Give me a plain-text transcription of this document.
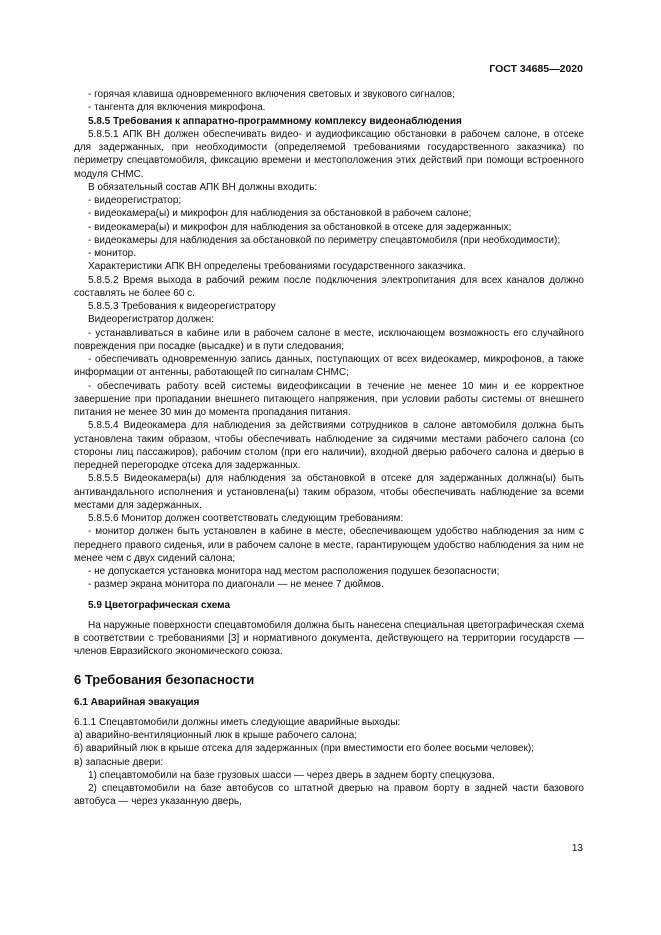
ГОСТ 34685—2020

- горячая клавиша одновременного включения световых и звукового сигналов;

- тангента для включения микрофона.

5.8.5 Требования к аппаратно-программному комплексу видеонаблюдения

5.8.5.1 АПК ВН должен обеспечивать видео- и аудиофиксацию обстановки в рабочем салоне, в отсеке для задержанных, при необходимости (определяемой требованиями государственного заказчика) по периметру спецавтомобиля, фиксацию времени и местоположения этих действий при помощи встроенного модуля СНМС.

В обязательный состав АПК ВН должны входить:

- видеорегистратор;

- видеокамера(ы) и микрофон для наблюдения за обстановкой в рабочем салоне;

- видеокамера(ы) и микрофон для наблюдения за обстановкой в отсеке для задержанных;

- видеокамеры для наблюдения за обстановкой по периметру спецавтомобиля (при необходимости);

- монитор.

Характеристики АПК ВН определены требованиями государственного заказчика.

5.8.5.2 Время выхода в рабочий режим после подключения электропитания для всех каналов должно составлять не более 60 с.

5.8.5.3 Требования к видеорегистратору

Видеорегистратор должен:

- устанавливаться в кабине или в рабочем салоне в месте, исключающем возможность его случайного повреждения при посадке (высадке) и в пути следования;

- обеспечивать одновременную запись данных, поступающих от всех видеокамер, микрофонов, а также информации от антенны, работающей по сигналам СНМС;

- обеспечивать работу всей системы видеофиксации в течение не менее 10 мин и ее корректное завершение при пропадании внешнего питающего напряжения, при условии работы системы от внешнего питания не менее 30 мин до момента пропадания питания.

5.8.5.4 Видеокамера для наблюдения за действиями сотрудников в салоне автомобиля должна быть установлена таким образом, чтобы обеспечивать наблюдение за сидячими местами рабочего салона (со стороны лиц пассажиров), рабочим столом (при его наличии), входной дверью рабочего салона и дверью в передней перегородке отсека для задержанных.

5.8.5.5 Видеокамера(ы) для наблюдения за обстановкой в отсеке для задержанных должна(ы) быть антивандального исполнения и установлена(ы) таким образом, чтобы обеспечивать наблюдение за всеми местами для задержанных.

5.8.5.6 Монитор должен соответствовать следующим требованиям:

- монитор должен быть установлен в кабине в месте, обеспечивающем удобство наблюдения за ним с переднего правого сиденья, или в рабочем салоне в месте, гарантирующем удобство наблюдения за ним не менее чем с двух сидений салона;

- не допускается установка монитора над местом расположения подушек безопасности;

- размер экрана монитора по диагонали — не менее 7 дюймов.

5.9 Цветографическая схема

На наружные поверхности спецавтомобиля должна быть нанесена специальная цветографическая схема в соответствии с требованиями [3] и нормативного документа, действующего на территории государств — членов Евразийского экономического союза.

6 Требования безопасности

6.1 Аварийная эвакуация

6.1.1 Спецавтомобили должны иметь следующие аварийные выходы:

а) аварийно-вентиляционный люк в крыше рабочего салона;

б) аварийный люк в крыше отсека для задержанных (при вместимости его более восьми человек);

в) запасные двери:

1) спецавтомобили на базе грузовых шасси — через дверь в заднем борту спецкузова,

2) спецавтомобили на базе автобусов со штатной дверью на правом борту в задней части базового автобуса — через указанную дверь,

13
